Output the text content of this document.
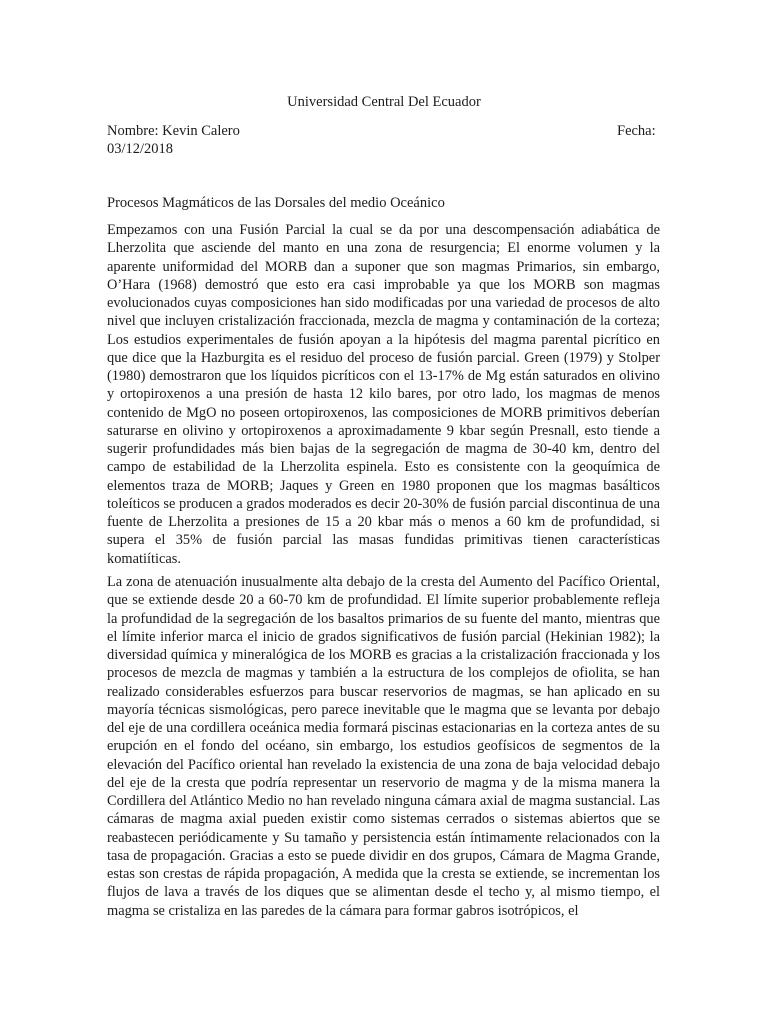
Universidad Central Del Ecuador
Nombre: Kevin Calero	Fecha:
03/12/2018
Procesos Magmáticos de las Dorsales del medio Oceánico

Empezamos con una Fusión Parcial la cual se da por una descompensación adiabática de Lherzolita que asciende del manto en una zona de resurgencia; El enorme volumen y la aparente uniformidad del MORB dan a suponer que son magmas Primarios, sin embargo, O’Hara (1968) demostró que esto era casi improbable ya que los MORB son magmas evolucionados cuyas composiciones han sido modificadas por una variedad de procesos de alto nivel que incluyen cristalización fraccionada, mezcla de magma y contaminación de la corteza; Los estudios experimentales de fusión apoyan a la hipótesis del magma parental picrítico en que dice que la Hazburgita es el residuo del proceso de fusión parcial. Green (1979) y Stolper (1980) demostraron que los líquidos picríticos con el 13-17% de Mg están saturados en olivino y ortopiroxenos a una presión de hasta 12 kilo bares, por otro lado, los magmas de menos contenido de MgO no poseen ortopiroxenos, las composiciones de MORB primitivos deberían saturarse en olivino y ortopiroxenos a aproximadamente 9 kbar según Presnall, esto tiende a sugerir profundidades más bien bajas de la segregación de magma de 30-40 km, dentro del campo de estabilidad de la Lherzolita espinela. Esto es consistente con la geoquímica de elementos traza de MORB; Jaques y Green en 1980 proponen que los magmas basálticos toleíticos se producen a grados moderados es decir 20-30% de fusión parcial discontinua de una fuente de Lherzolita a presiones de 15 a 20 kbar más o menos a 60 km de profundidad, si supera el 35% de fusión parcial las masas fundidas primitivas tienen características komatiíticas.

La zona de atenuación inusualmente alta debajo de la cresta del Aumento del Pacífico Oriental, que se extiende desde 20 a 60-70 km de profundidad. El límite superior probablemente refleja la profundidad de la segregación de los basaltos primarios de su fuente del manto, mientras que el límite inferior marca el inicio de grados significativos de fusión parcial (Hekinian 1982); la diversidad química y mineralógica de los MORB es gracias a la cristalización fraccionada y los procesos de mezcla de magmas y también a la estructura de los complejos de ofiolita, se han realizado considerables esfuerzos para buscar reservorios de magmas, se han aplicado en su mayoría técnicas sismológicas, pero parece inevitable que le magma que se levanta por debajo del eje de una cordillera oceánica media formará piscinas estacionarias en la corteza antes de su erupción en el fondo del océano, sin embargo, los estudios geofísicos de segmentos de la elevación del Pacífico oriental han revelado la existencia de una zona de baja velocidad debajo del eje de la cresta que podría representar un reservorio de magma y de la misma manera la Cordillera del Atlántico Medio no han revelado ninguna cámara axial de magma sustancial. Las cámaras de magma axial pueden existir como sistemas cerrados o sistemas abiertos que se reabastecen periódicamente y Su tamaño y persistencia están íntimamente relacionados con la tasa de propagación. Gracias a esto se puede dividir en dos grupos, Cámara de Magma Grande, estas son crestas de rápida propagación, A medida que la cresta se extiende, se incrementan los flujos de lava a través de los diques que se alimentan desde el techo y, al mismo tiempo, el magma se cristaliza en las paredes de la cámara para formar gabros isotrópicos, el
